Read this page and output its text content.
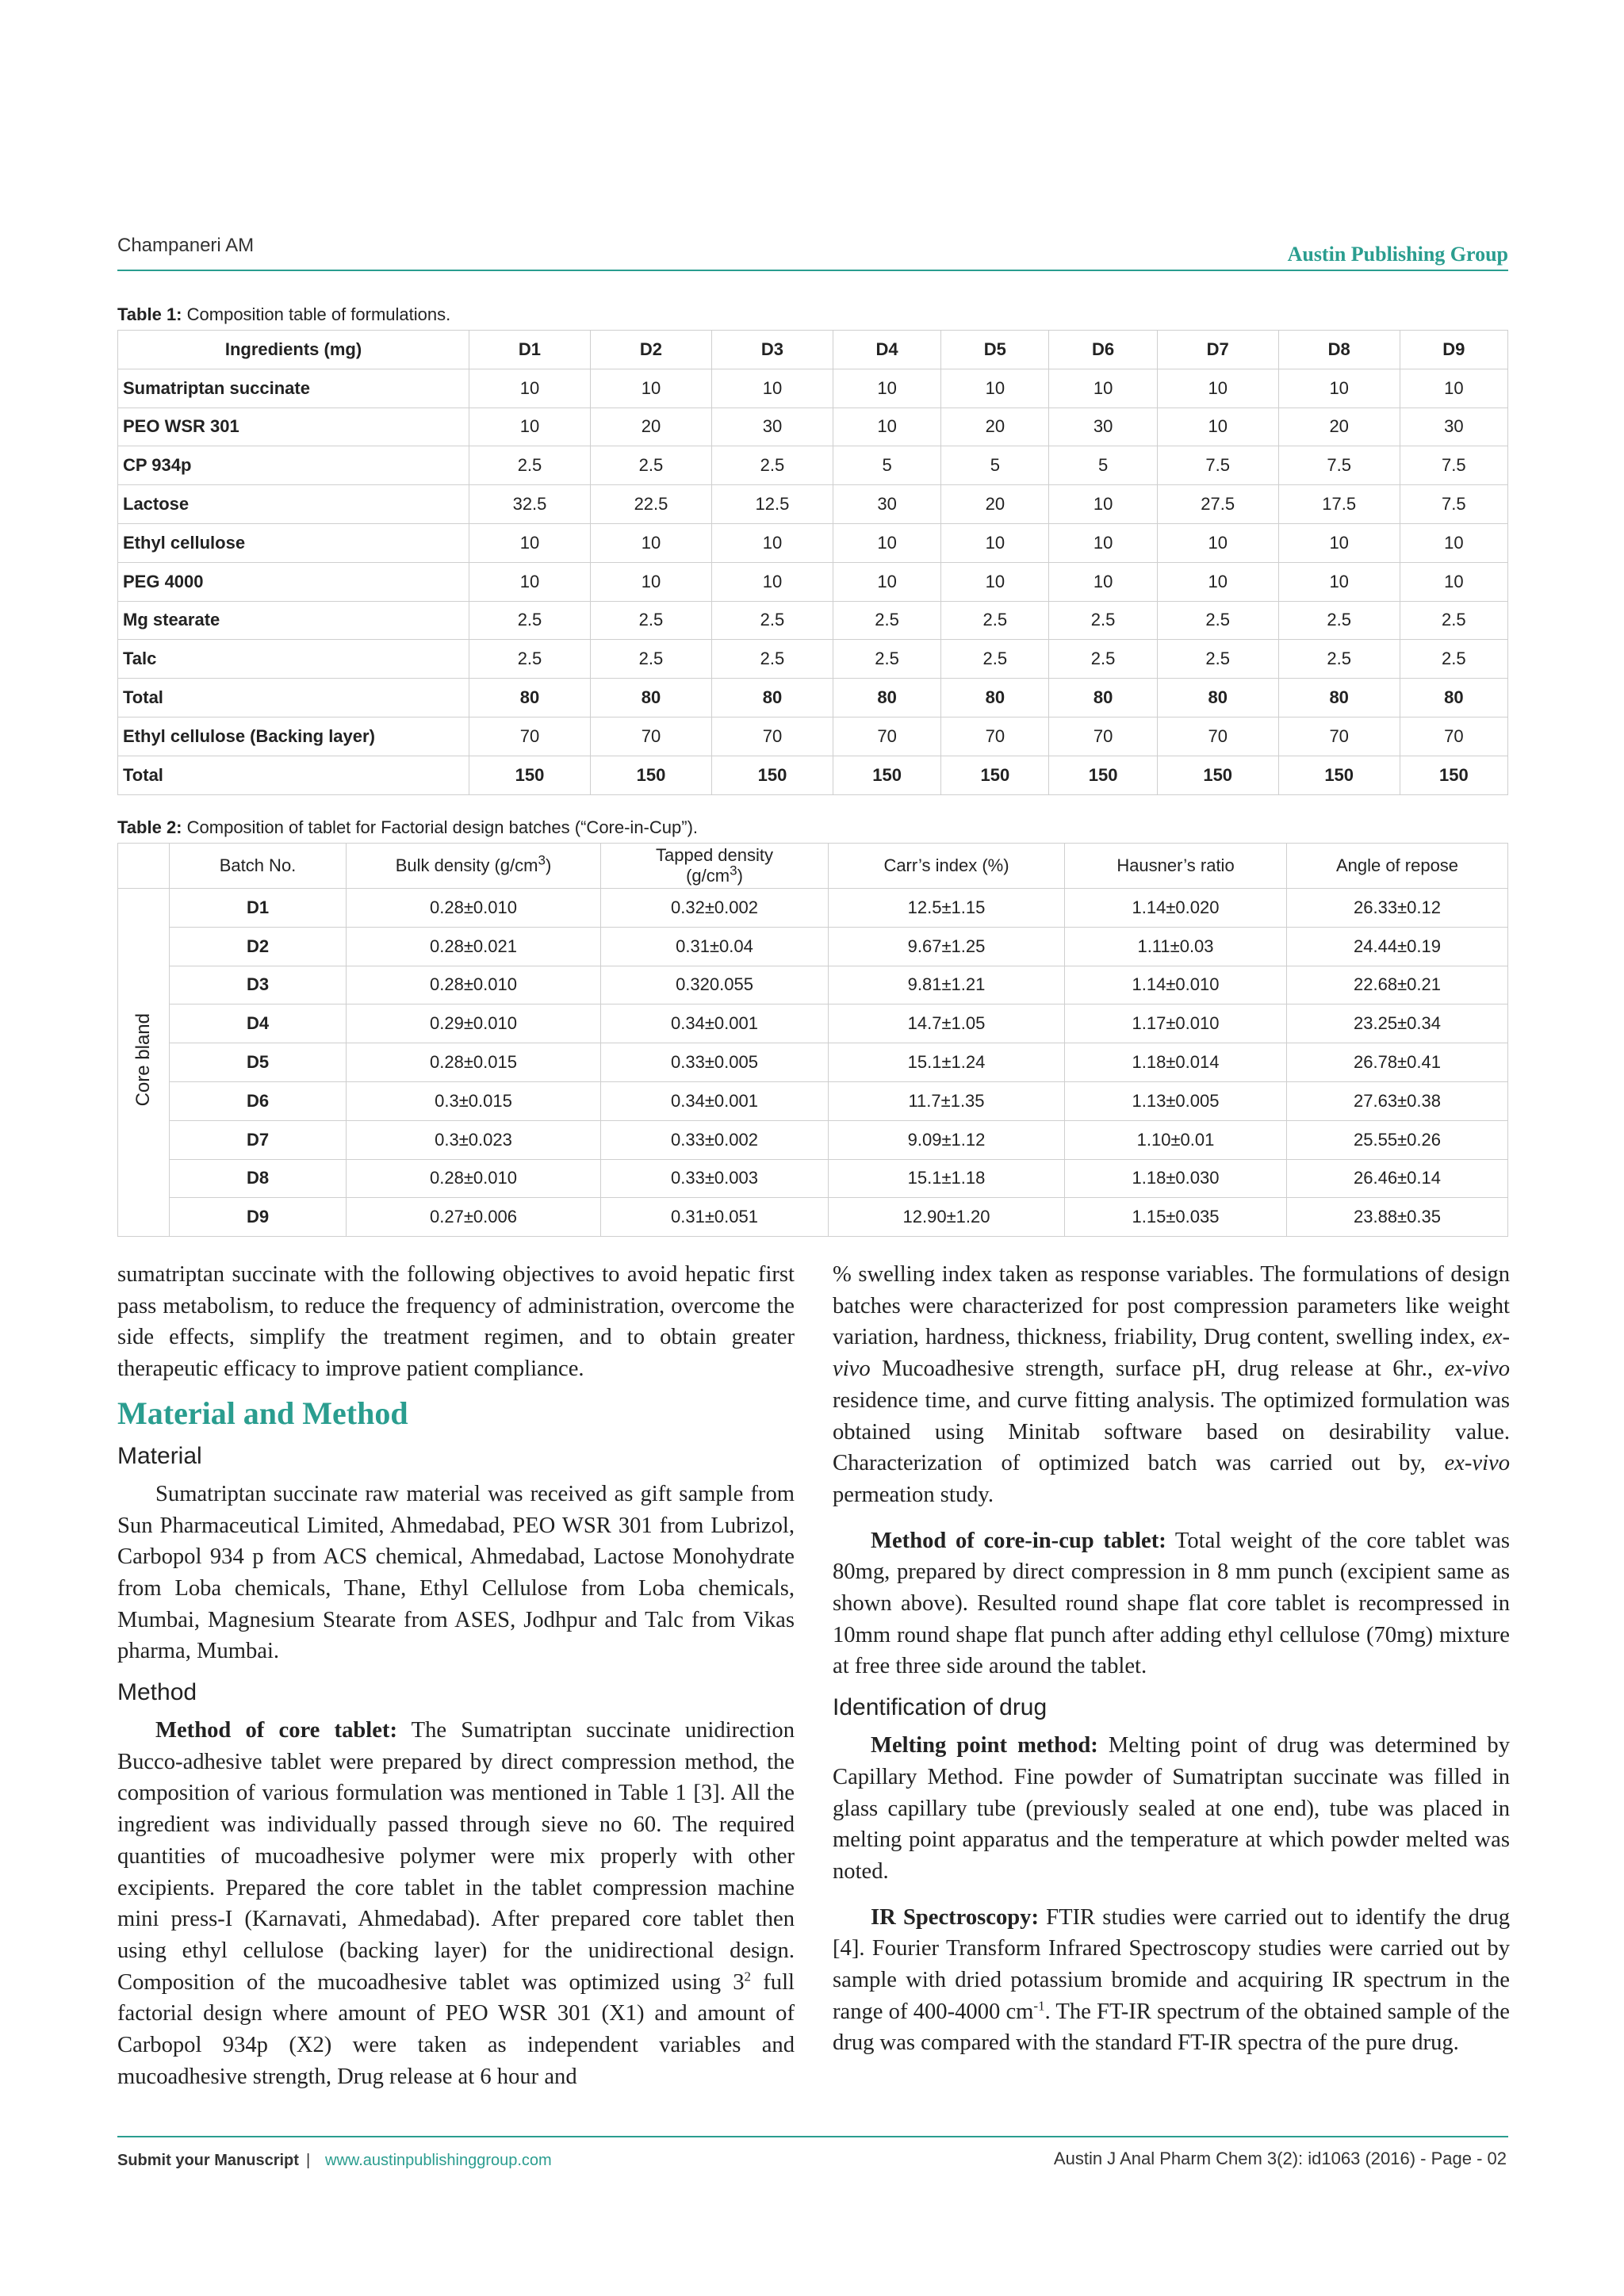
Champaneri AM	Austin Publishing Group
Table 1: Composition table of formulations.
Ingredients (mg)	D1	D2	D3	D4	D5	D6	D7	D8	D9
Sumatriptan succinate	10	10	10	10	10	10	10	10	10
PEO WSR 301	10	20	30	10	20	30	10	20	30
CP 934p	2.5	2.5	2.5	5	5	5	7.5	7.5	7.5
Lactose	32.5	22.5	12.5	30	20	10	27.5	17.5	7.5
Ethyl cellulose	10	10	10	10	10	10	10	10	10
PEG 4000	10	10	10	10	10	10	10	10	10
Mg stearate	2.5	2.5	2.5	2.5	2.5	2.5	2.5	2.5	2.5
Talc	2.5	2.5	2.5	2.5	2.5	2.5	2.5	2.5	2.5
Total	80	80	80	80	80	80	80	80	80
Ethyl cellulose (Backing layer)	70	70	70	70	70	70	70	70	70
Total	150	150	150	150	150	150	150	150	150
Table 2: Composition of tablet for Factorial design batches (“Core-in-Cup”).
	Batch No.	Bulk density $(g/cm^3)$	Tapped density
$(g/cm^3)$	Carr’s index (%)	Hausner’s ratio	Angle of repose
Core bland	D1	0.28±0.010	0.32±0.002	12.5±1.15	1.14±0.020	26.33±0.12
	D2	0.28±0.021	0.31±0.04	9.67±1.25	1.11±0.03	24.44±0.19
	D3	0.28±0.010	0.320.055	9.81±1.21	1.14±0.010	22.68±0.21
	D4	0.29±0.010	0.34±0.001	14.7±1.05	1.17±0.010	23.25±0.34
	D5	0.28±0.015	0.33±0.005	15.1±1.24	1.18±0.014	26.78±0.41
	D6	0.3±0.015	0.34±0.001	11.7±1.35	1.13±0.005	27.63±0.38
	D7	0.3±0.023	0.33±0.002	9.09±1.12	1.10±0.01	25.55±0.26
	D8	0.28±0.010	0.33±0.003	15.1±1.18	1.18±0.030	26.46±0.14
	D9	0.27±0.006	0.31±0.051	12.90±1.20	1.15±0.035	23.88±0.35

sumatriptan succinate with the following objectives to avoid hepatic first pass metabolism, to reduce the frequency of administration, overcome the side effects, simplify the treatment regimen, and to obtain greater therapeutic efficacy to improve patient compliance.

Material and Method

Material

Sumatriptan succinate raw material was received as gift sample from Sun Pharmaceutical Limited, Ahmedabad, PEO WSR 301 from Lubrizol, Carbopol 934 p from ACS chemical, Ahmedabad, Lactose Monohydrate from Loba chemicals, Thane, Ethyl Cellulose from Loba chemicals, Mumbai, Magnesium Stearate from ASES, Jodhpur and Talc from Vikas pharma, Mumbai.

Method

Method of core tablet: The Sumatriptan succinate unidirection Bucco-adhesive tablet were prepared by direct compression method, the composition of various formulation was mentioned in Table 1 [3]. All the ingredient was individually passed through sieve no 60. The required quantities of mucoadhesive polymer were mix properly with other excipients. Prepared the core tablet in the tablet compression machine mini press-I (Karnavati, Ahmedabad). After prepared core tablet then using ethyl cellulose (backing layer) for the unidirectional design. Composition of the mucoadhesive tablet was optimized using $3^2$ full factorial design where amount of PEO WSR 301 (X1) and amount of Carbopol 934p (X2) were taken as independent variables and mucoadhesive strength, Drug release at 6 hour and

% swelling index taken as response variables. The formulations of design batches were characterized for post compression parameters like weight variation, hardness, thickness, friability, Drug content, swelling index, ex-vivo Mucoadhesive strength, surface pH, drug release at 6hr., ex-vivo residence time, and curve fitting analysis. The optimized formulation was obtained using Minitab software based on desirability value. Characterization of optimized batch was carried out by, ex-vivo permeation study.

Method of core-in-cup tablet: Total weight of the core tablet was 80mg, prepared by direct compression in 8 mm punch (excipient same as shown above). Resulted round shape flat core tablet is recompressed in 10mm round shape flat punch after adding ethyl cellulose (70mg) mixture at free three side around the tablet.

Identification of drug

Melting point method: Melting point of drug was determined by Capillary Method. Fine powder of Sumatriptan succinate was filled in glass capillary tube (previously sealed at one end), tube was placed in melting point apparatus and the temperature at which powder melted was noted.

IR Spectroscopy: FTIR studies were carried out to identify the drug [4]. Fourier Transform Infrared Spectroscopy studies were carried out by sample with dried potassium bromide and acquiring IR spectrum in the range of 400-4000 $cm^{-1}$. The FT-IR spectrum of the obtained sample of the drug was compared with the standard FT-IR spectra of the pure drug.

Submit your Manuscript | www.austinpublishinggroup.com	Austin J Anal Pharm Chem 3(2): id1063 (2016) - Page - 02
